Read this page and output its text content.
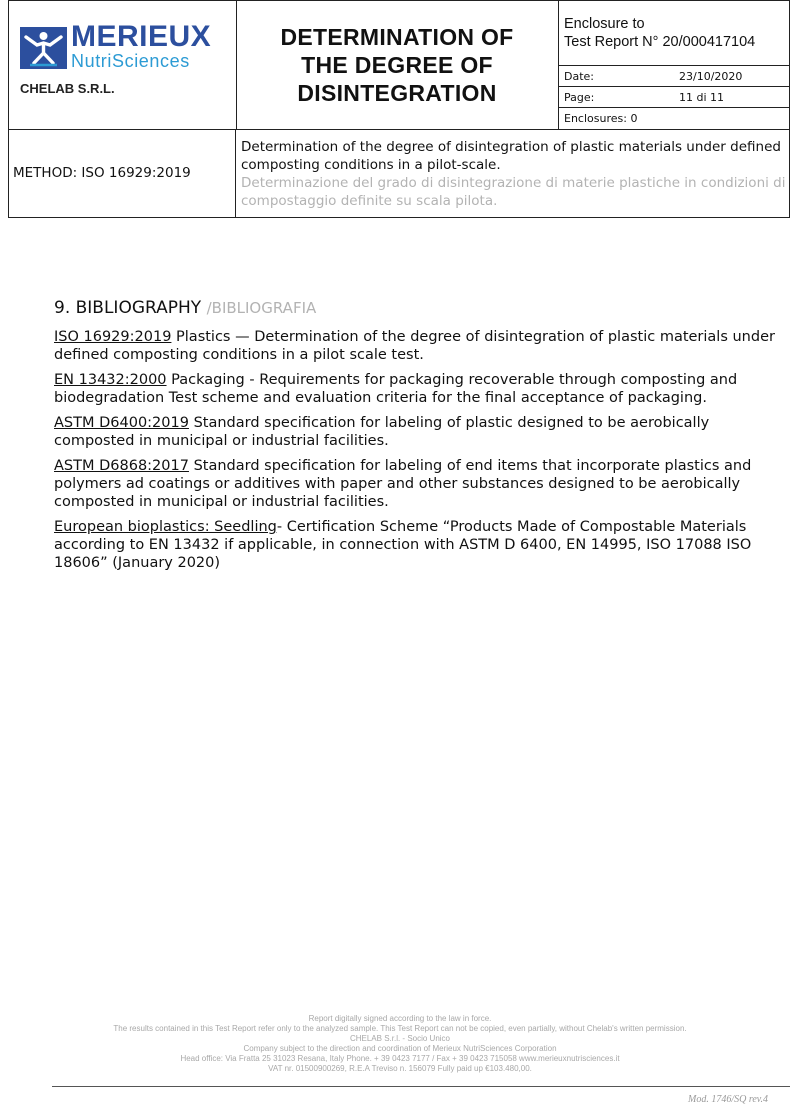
MERIEUX
NutriSciences
CHELAB S.R.L.
DETERMINATION OF
THE DEGREE OF
DISINTEGRATION
Enclosure to
Test Report N° 20/000417104
Date:	23/10/2020
Page:	11 di 11
Enclosures: 0
METHOD: ISO 16929:2019
Determination of the degree of disintegration of plastic materials under defined composting conditions in a pilot-scale.
Determinazione del grado di disintegrazione di materie plastiche in condizioni di compostaggio definite su scala pilota.
9. BIBLIOGRAPHY /BIBLIOGRAFIA
ISO 16929:2019 Plastics — Determination of the degree of disintegration of plastic materials under defined composting conditions in a pilot scale test.
EN 13432:2000 Packaging - Requirements for packaging recoverable through composting and biodegradation Test scheme and evaluation criteria for the final acceptance of packaging.
ASTM D6400:2019 Standard specification for labeling of plastic designed to be aerobically composted in municipal or industrial facilities.
ASTM D6868:2017 Standard specification for labeling of end items that incorporate plastics and polymers ad coatings or additives with paper and other substances designed to be aerobically composted in municipal or industrial facilities.
European bioplastics: Seedling- Certification Scheme “Products Made of Compostable Materials according to EN 13432 if applicable, in connection with ASTM D 6400, EN 14995, ISO 17088 ISO 18606” (January 2020)
Report digitally signed according to the law in force.
The results contained in this Test Report refer only to the analyzed sample. This Test Report can not be copied, even partially, without Chelab's written permission.
CHELAB S.r.l. - Socio Unico
Company subject to the direction and coordination of Merieux NutriSciences Corporation
Head office: Via Fratta 25 31023 Resana, Italy Phone. + 39 0423 7177 / Fax + 39 0423 715058 www.merieuxnutrisciences.it
VAT nr. 01500900269, R.E.A Treviso n. 156079 Fully paid up €103.480,00.
Mod. 1746/SQ rev.4
